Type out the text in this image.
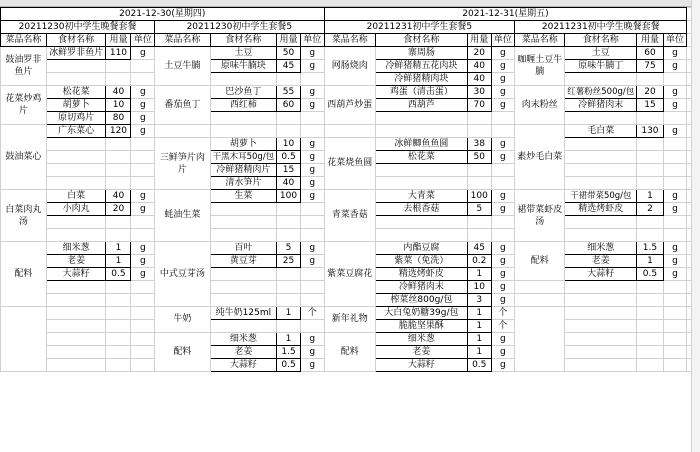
2021-12-30(星期四)								2021-12-31(星期五)								
20211230初中学生晚餐套餐				20211230初中学生套餐5				20211231初中学生套餐5				20211231初中学生晚餐套餐				
菜品名称	食材名称	用量	单位	菜品名称	食材名称	用量	单位	菜品名称	食材名称	用量	单位	菜品名称	食材名称	用量	单位	
鼓油罗非鱼片	冰鲜罗非鱼片	110	g	土豆牛腩	土豆	50	g	网肠烧肉	寨周肠	20	g	咖喱土豆牛腩	土豆	60	g	
					原味牛腩块	45	g		冷鲜猪精五花肉块	40	g		原味牛腩丁	75	g	
									冷鲜猪精肉块	40	g					
花菜炒鸡片	松花菜	40	g	番茄鱼丁	巴沙鱼丁	55	g	西葫芦炒蛋	鸡蛋（清击蛋）	30	g	肉末粉丝	红薯粉丝500g/包	20	g	
	胡萝卜	10	g		西红柿	60	g		西葫芦	70	g		冷鲜猪肉末	15	g	
	原切鸡片	80	g													
鼓油菜心	广东菜心	120	g									素炒毛白菜	毛白菜	130	g	
				三鲜笋片肉片	胡萝卜	10	g	花菜烧鱼圆	冰鲜鲫鱼鱼圆	38	g					
					干黑木耳50g/包	0.5	g		松花菜	50	g					
					冷鲜猪精肉片	15	g									
					清水笋片	40	g									
白菜肉丸汤	白菜	40	g	蚝油生菜	生菜	100	g	青菜香菇	大青菜	100	g	裙带菜虾皮汤	干裙带菜50g/包	1	g	
	小肉丸	20	g						去根香菇	5	g		精选烤虾皮	2	g	

配料	细米葱	1	g	中式豆芽汤	百叶	5	g	紫菜豆腐花	内酯豆腐	45	g	配料	细米葱	1.5	g	
	老姜	1	g		黄豆芽	25	g		紫菜（免洗）	0.2	g		老姜	1	g	
	大蒜籽	0.5	g						精选烤虾皮	1	g		大蒜籽	0.5	g	
									冷鲜猪肉末	10	g					
									榨菜丝800g/包	3	g					
				牛奶	纯牛奶125ml	1	个	新年礼物	大白兔奶糖39g/包	1	个					
									脆脆坚果酥	1	个					
				配料	细米葱	1	g	配料	细米葱	1	g					
					老姜	1.5	g		老姜	1	g					
					大蒜籽	0.5	g		大蒜籽	0.5	g					
